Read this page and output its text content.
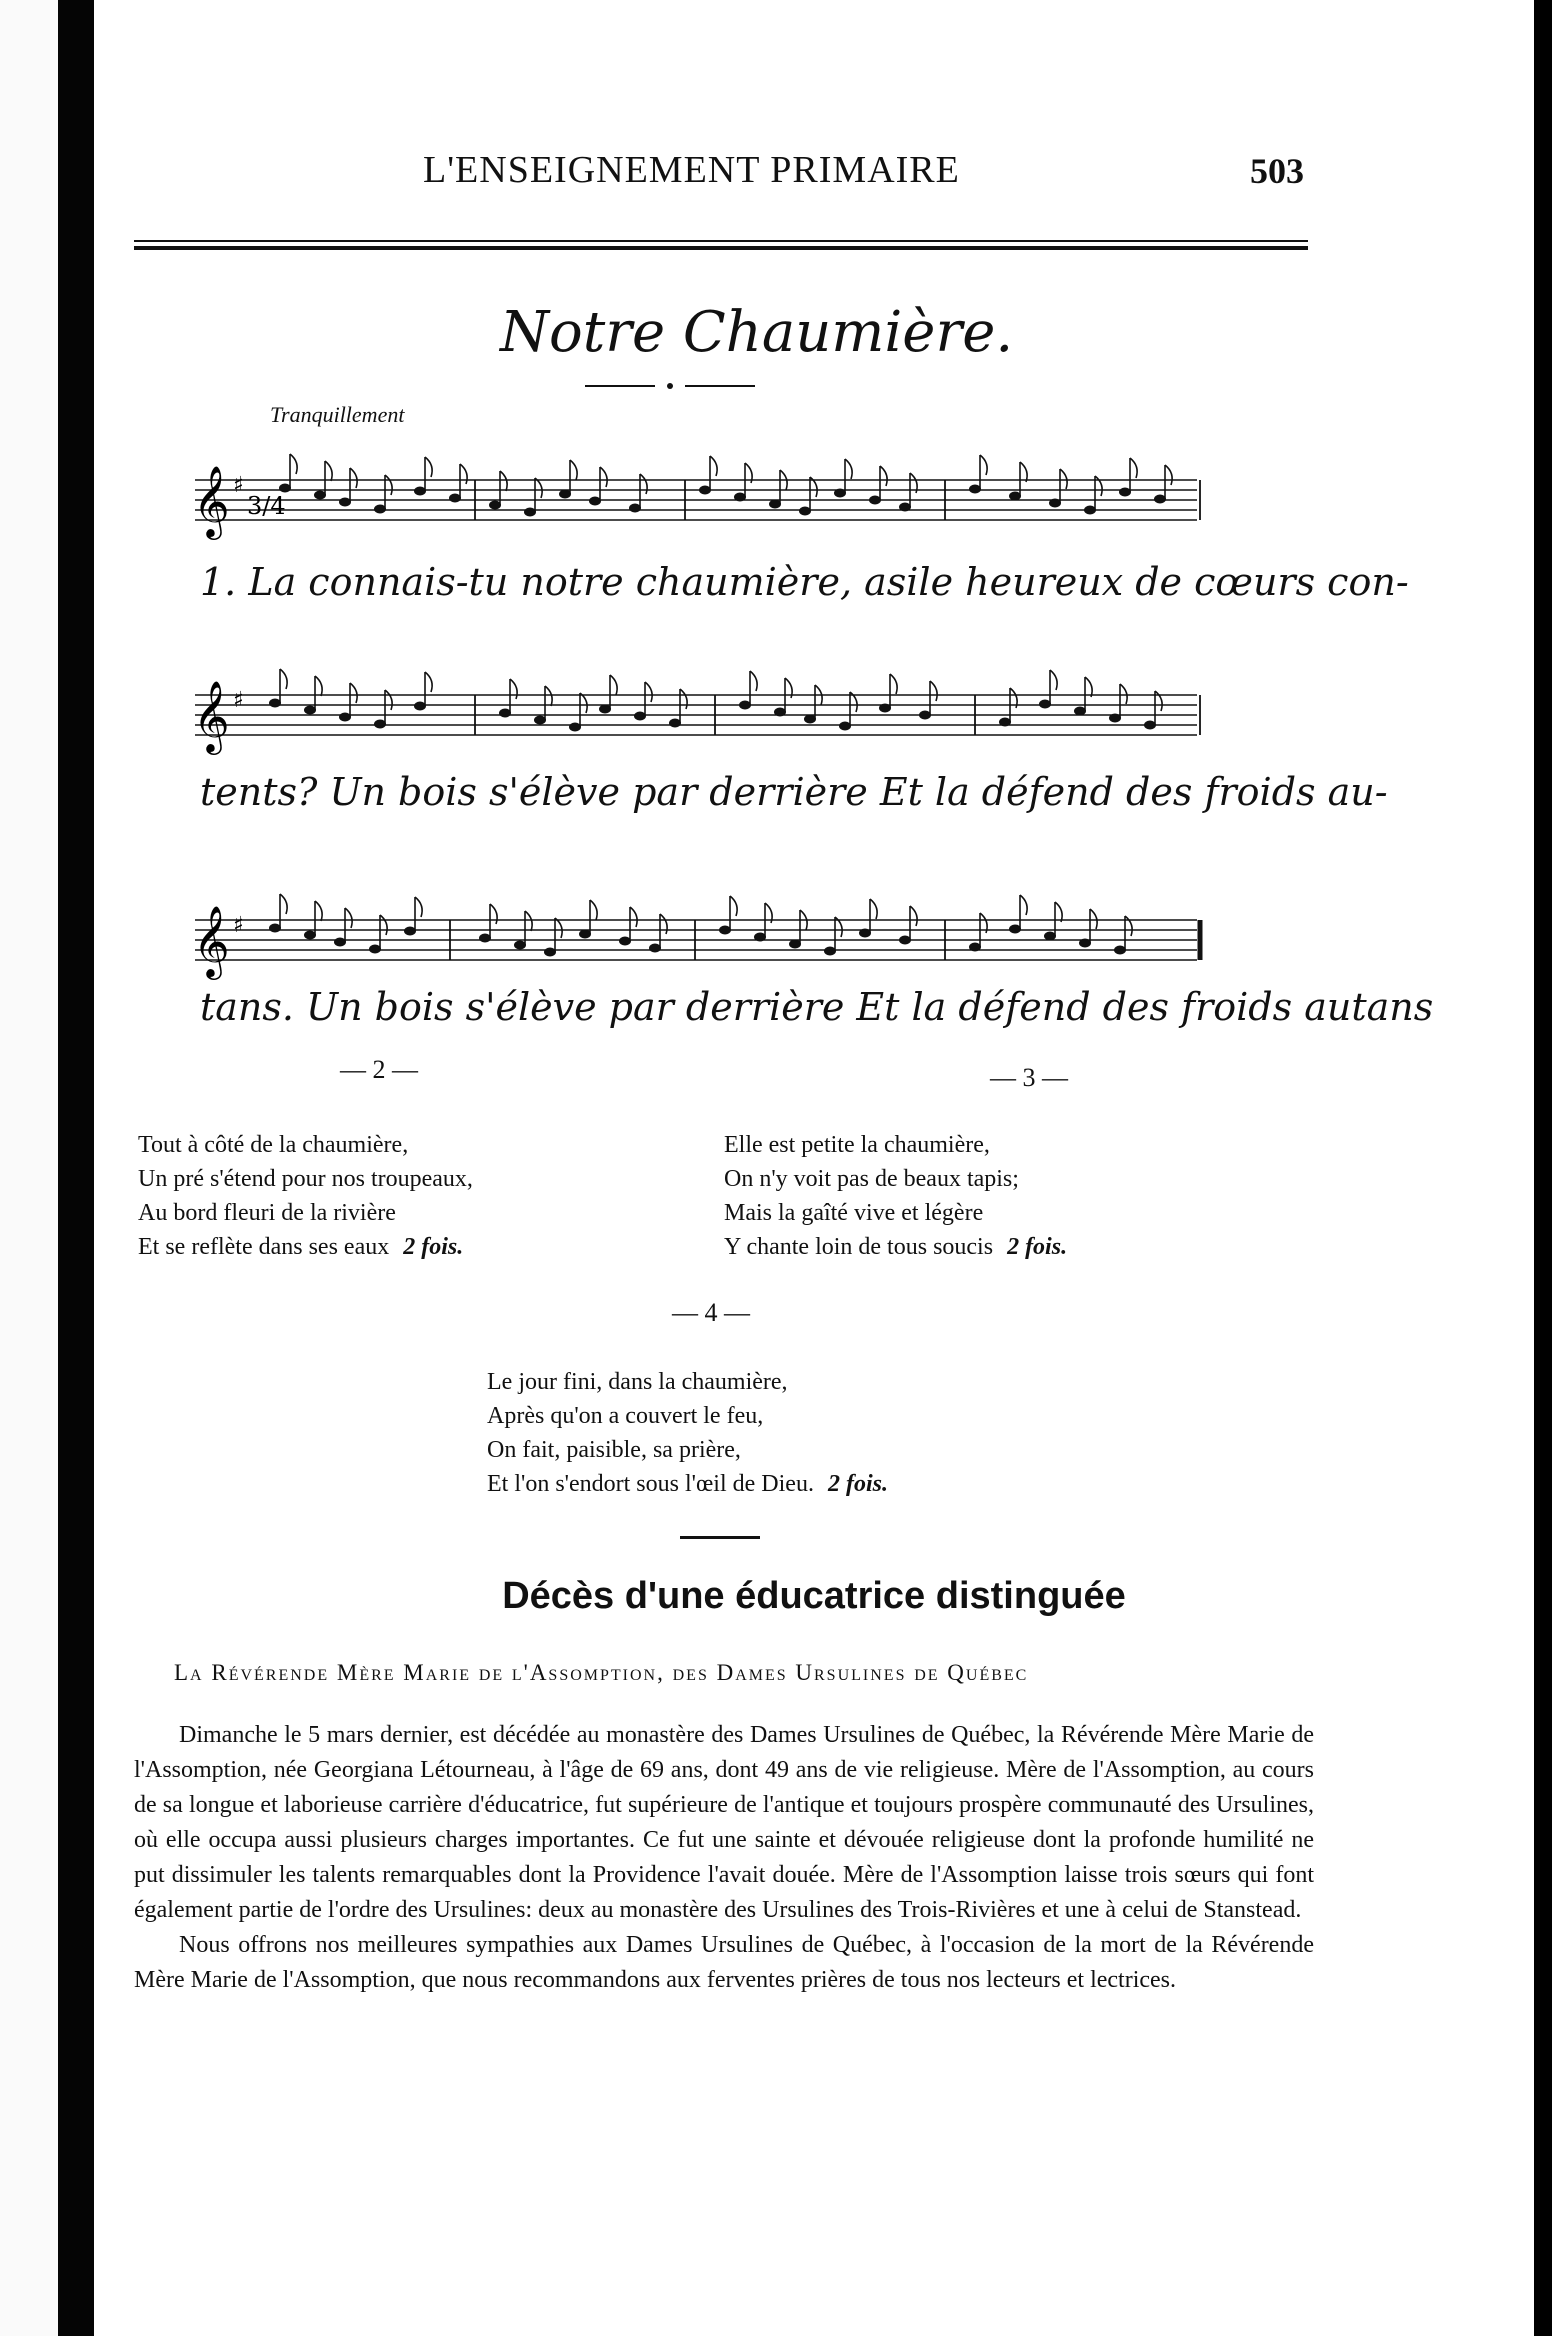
L'ENSEIGNEMENT PRIMAIRE	503
Notre Chaumière.
Tranquillement
𝄞 ♯
3/4
1. La connais-tu notre chaumière, asile heureux de cœurs con-
𝄞 ♯
tents? Un bois s'élève par derrière Et la défend des froids au-
𝄞 ♯
tans. Un bois s'élève par derrière Et la défend des froids autans
— 2 —
Tout à côté de la chaumière,
Un pré s'étend pour nos troupeaux,
Au bord fleuri de la rivière
Et se reflète dans ses eaux 2 fois.
— 3 —
Elle est petite la chaumière,
On n'y voit pas de beaux tapis;
Mais la gaîté vive et légère
Y chante loin de tous soucis 2 fois.
— 4 —
Le jour fini, dans la chaumière,
Après qu'on a couvert le feu,
On fait, paisible, sa prière,
Et l'on s'endort sous l'œil de Dieu. 2 fois.
Décès d'une éducatrice distinguée
La Révérende Mère Marie de l'Assomption, des Dames Ursulines de Québec

Dimanche le 5 mars dernier, est décédée au monastère des Dames Ursulines de Québec, la Révérende Mère Marie de l'Assomption, née Georgiana Létourneau, à l'âge de 69 ans, dont 49 ans de vie religieuse. Mère de l'Assomption, au cours de sa longue et laborieuse carrière d'éducatrice, fut supérieure de l'antique et toujours prospère communauté des Ursulines, où elle occupa aussi plusieurs charges importantes. Ce fut une sainte et dévouée religieuse dont la profonde humilité ne put dissimuler les talents remarquables dont la Providence l'avait douée. Mère de l'Assomption laisse trois sœurs qui font également partie de l'ordre des Ursulines: deux au monastère des Ursulines des Trois-Rivières et une à celui de Stanstead.

Nous offrons nos meilleures sympathies aux Dames Ursulines de Québec, à l'occasion de la mort de la Révérende Mère Marie de l'Assomption, que nous recommandons aux ferventes prières de tous nos lecteurs et lectrices.
